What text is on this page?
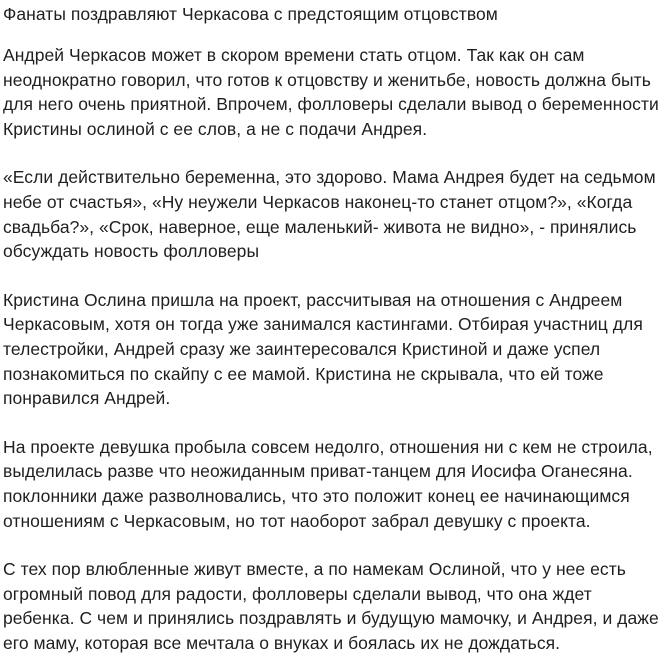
Фанаты поздравляют Черкасова с предстоящим отцовством

Андрей Черкасов может в скором времени стать отцом. Так как он сам неоднократно говорил, что готов к отцовству и женитьбе, новость должна быть для него очень приятной. Впрочем, фолловеры сделали вывод о беременности Кристины ослиной с ее слов, а не с подачи Андрея.

«Если действительно беременна, это здорово. Мама Андрея будет на седьмом небе от счастья», «Ну неужели Черкасов наконец-то станет отцом?», «Когда свадьба?», «Срок, наверное, еще маленький- живота не видно», - принялись обсуждать новость фолловеры

Кристина Ослина пришла на проект, рассчитывая на отношения с Андреем Черкасовым, хотя он тогда уже занимался кастингами. Отбирая участниц для телестройки, Андрей сразу же заинтересовался Кристиной и даже успел познакомиться по скайпу с ее мамой. Кристина не скрывала, что ей тоже понравился Андрей.

На проекте девушка пробыла совсем недолго, отношения ни с кем не строила, выделилась разве что неожиданным приват-танцем для Иосифа Оганесяна. поклонники даже разволновались, что это положит конец ее начинающимся отношениям с Черкасовым, но тот наоборот забрал девушку с проекта.

С тех пор влюбленные живут вместе, а по намекам Ослиной, что у нее есть огромный повод для радости, фолловеры сделали вывод, что она ждет ребенка. С чем и принялись поздравлять и будущую мамочку, и Андрея, и даже его маму, которая все мечтала о внуках и боялась их не дождаться.
